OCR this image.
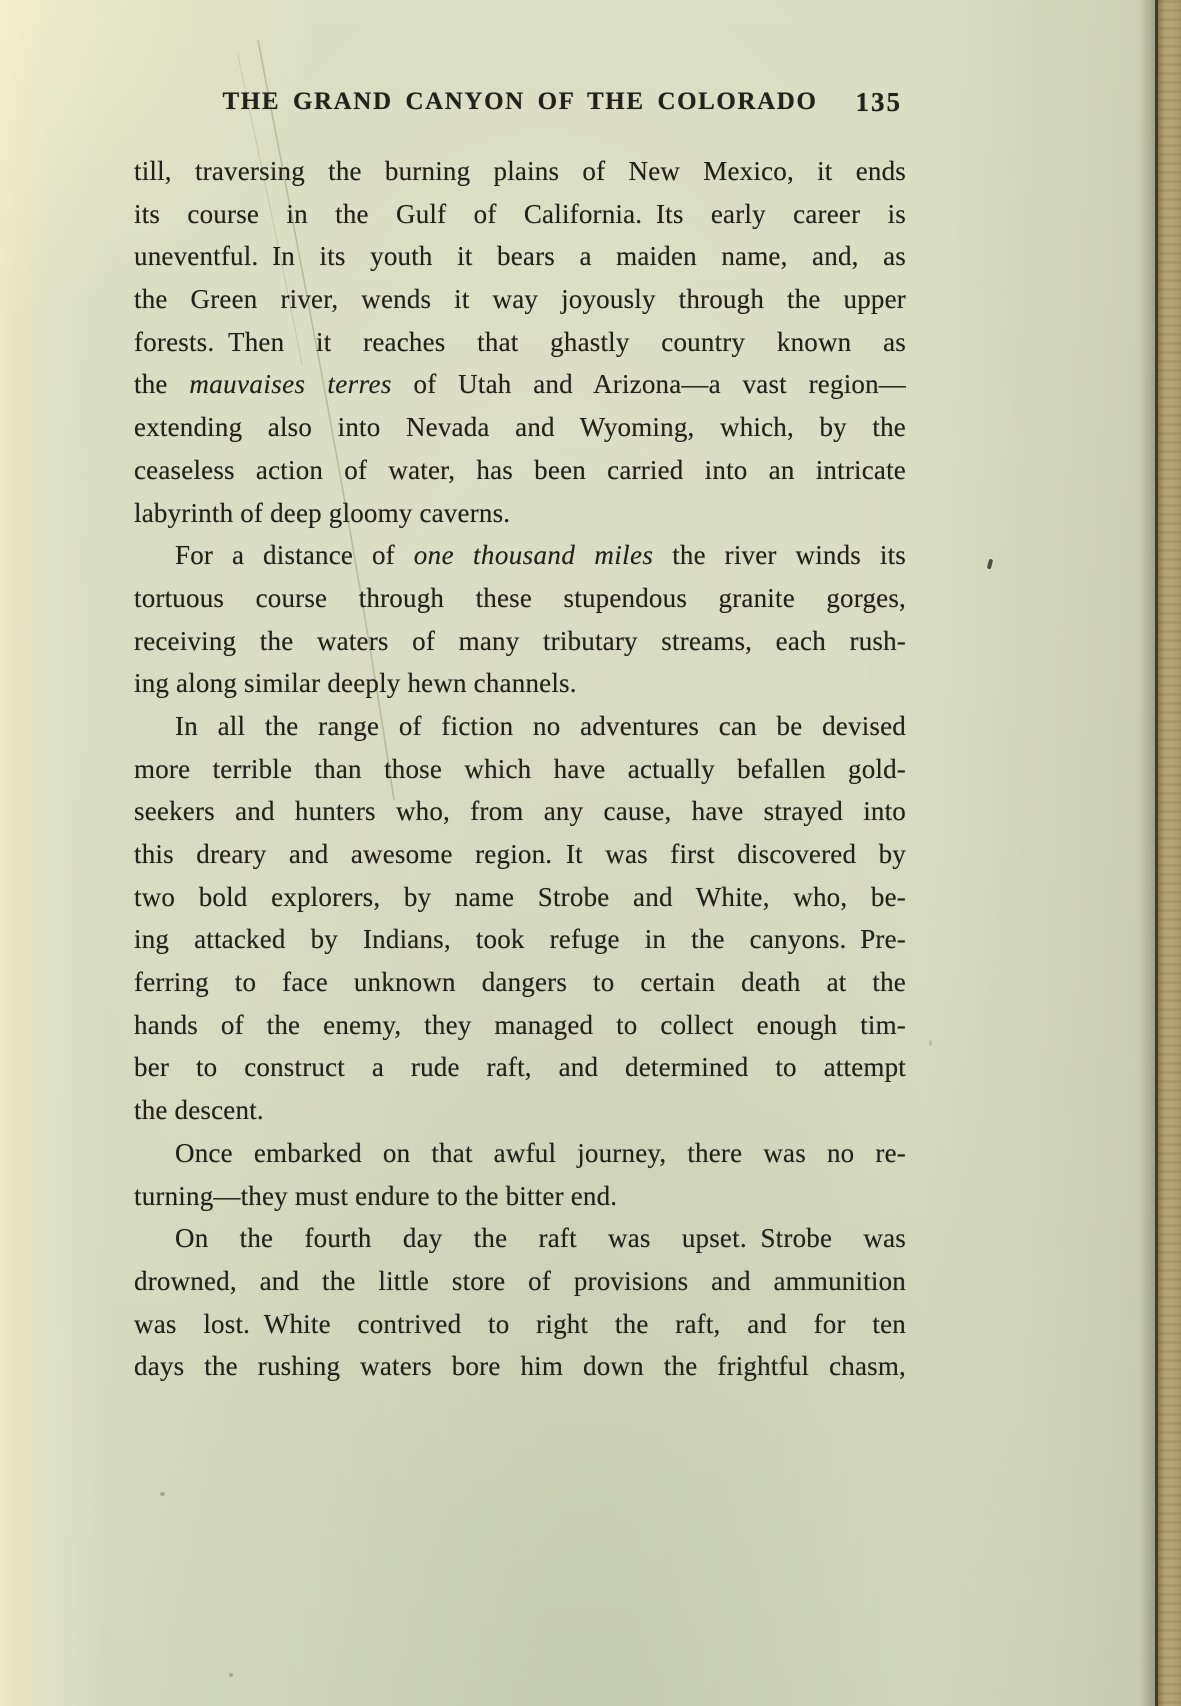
THE GRAND CANYON OF THE COLORADO	135
till, traversing the burning plains of New Mexico, it ends
its course in the Gulf of California. Its early career is
uneventful. In its youth it bears a maiden name, and, as
the Green river, wends it way joyously through the upper
forests. Then it reaches that ghastly country known as
the mauvaises terres of Utah and Arizona—a vast region—
extending also into Nevada and Wyoming, which, by the
ceaseless action of water, has been carried into an intricate
labyrinth of deep gloomy caverns.
For a distance of one thousand miles the river winds its
tortuous course through these stupendous granite gorges,
receiving the waters of many tributary streams, each rush-
ing along similar deeply hewn channels.
In all the range of fiction no adventures can be devised
more terrible than those which have actually befallen gold-
seekers and hunters who, from any cause, have strayed into
this dreary and awesome region. It was first discovered by
two bold explorers, by name Strobe and White, who, be-
ing attacked by Indians, took refuge in the canyons. Pre-
ferring to face unknown dangers to certain death at the
hands of the enemy, they managed to collect enough tim-
ber to construct a rude raft, and determined to attempt
the descent.
Once embarked on that awful journey, there was no re-
turning—they must endure to the bitter end.
On the fourth day the raft was upset. Strobe was
drowned, and the little store of provisions and ammunition
was lost. White contrived to right the raft, and for ten
days the rushing waters bore him down the frightful chasm,
